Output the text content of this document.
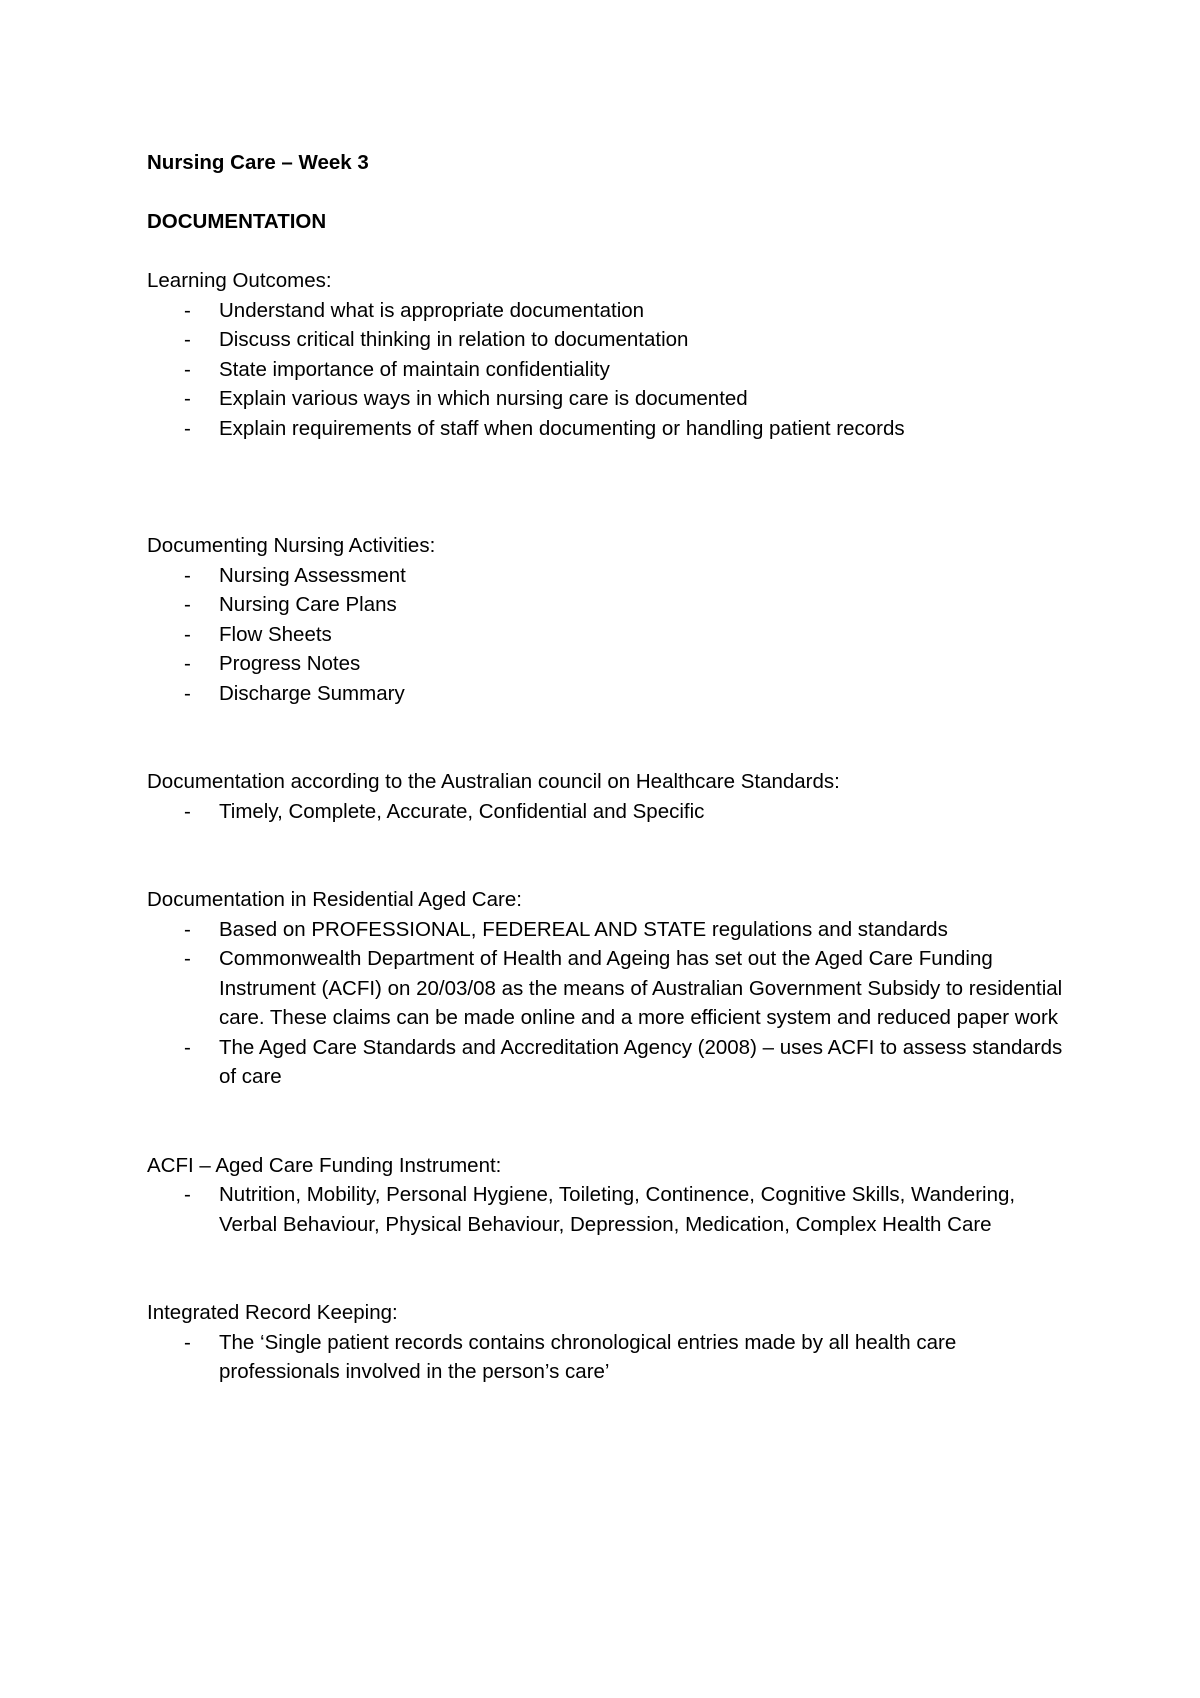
Nursing Care – Week 3
DOCUMENTATION
Learning Outcomes:
- Understand what is appropriate documentation
- Discuss critical thinking in relation to documentation
- State importance of maintain confidentiality
- Explain various ways in which nursing care is documented
- Explain requirements of staff when documenting or handling patient records
Documenting Nursing Activities:
- Nursing Assessment
- Nursing Care Plans
- Flow Sheets
- Progress Notes
- Discharge Summary
Documentation according to the Australian council on Healthcare Standards:
- Timely, Complete, Accurate, Confidential and Specific
Documentation in Residential Aged Care:
- Based on PROFESSIONAL, FEDEREAL AND STATE regulations and standards
- Commonwealth Department of Health and Ageing has set out the Aged Care Funding Instrument (ACFI) on 20/03/08 as the means of Australian Government Subsidy to residential care. These claims can be made online and a more efficient system and reduced paper work
- The Aged Care Standards and Accreditation Agency (2008) – uses ACFI to assess standards of care
ACFI – Aged Care Funding Instrument:
- Nutrition, Mobility, Personal Hygiene, Toileting, Continence, Cognitive Skills, Wandering, Verbal Behaviour, Physical Behaviour, Depression, Medication, Complex Health Care
Integrated Record Keeping:
- The ‘Single patient records contains chronological entries made by all health care professionals involved in the person’s care’
